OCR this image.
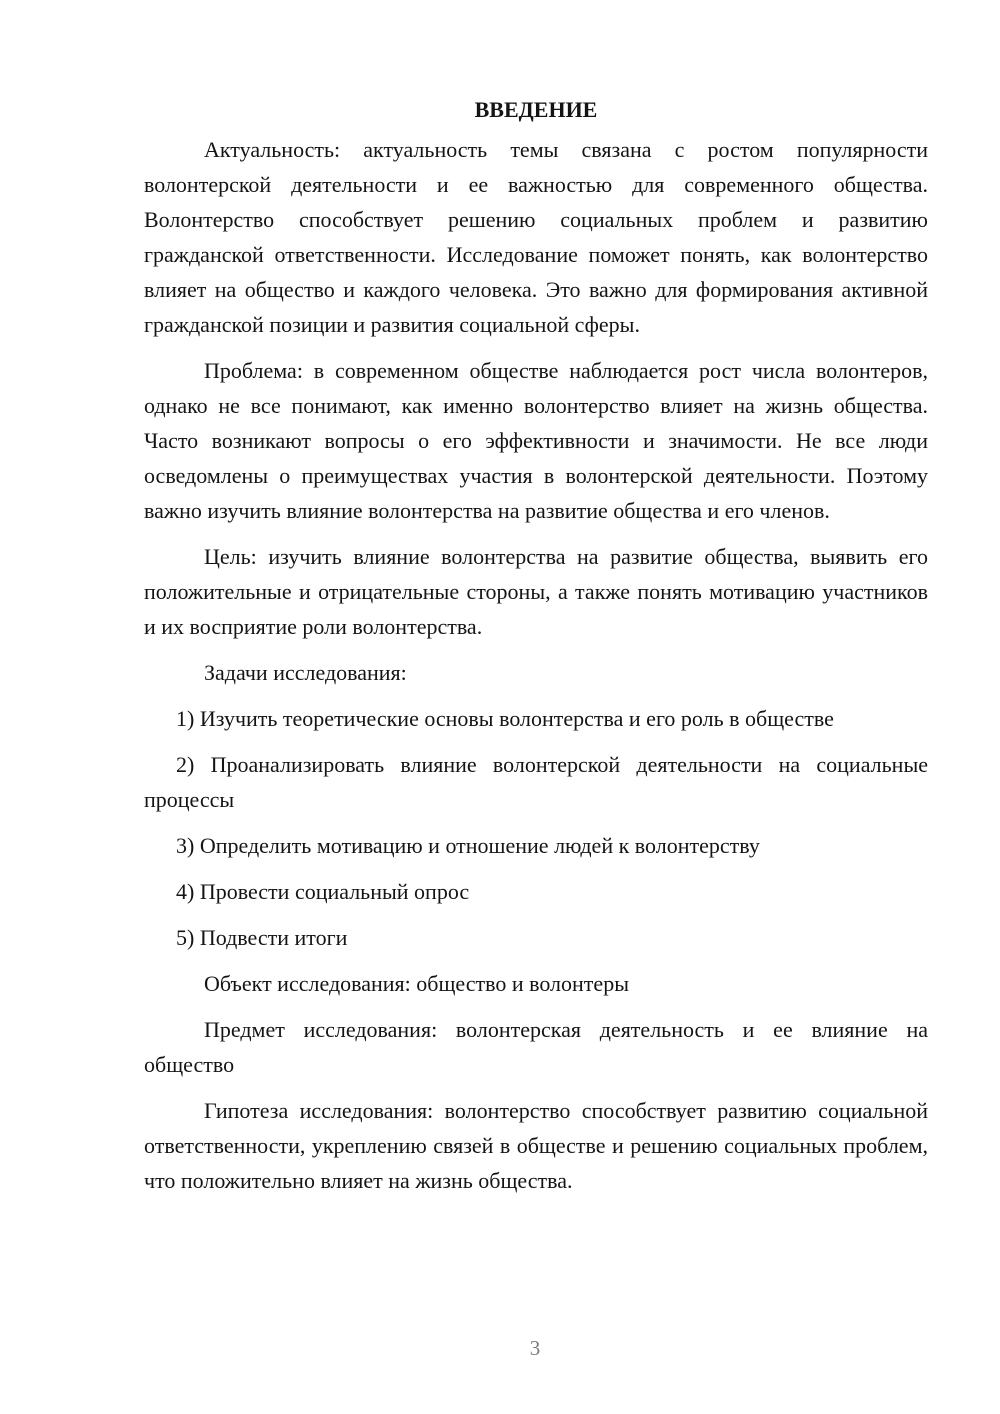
ВВЕДЕНИЕ

Актуальность: актуальность темы связана с ростом популярности волонтерской деятельности и ее важностью для современного общества. Волонтерство способствует решению социальных проблем и развитию гражданской ответственности. Исследование поможет понять, как волонтерство влияет на общество и каждого человека. Это важно для формирования активной гражданской позиции и развития социальной сферы.

Проблема: в современном обществе наблюдается рост числа волонтеров, однако не все понимают, как именно волонтерство влияет на жизнь общества. Часто возникают вопросы о его эффективности и значимости. Не все люди осведомлены о преимуществах участия в волонтерской деятельности. Поэтому важно изучить влияние волонтерства на развитие общества и его членов.

Цель: изучить влияние волонтерства на развитие общества, выявить его положительные и отрицательные стороны, а также понять мотивацию участников и их восприятие роли волонтерства.

Задачи исследования:

1) Изучить теоретические основы волонтерства и его роль в обществе

2) Проанализировать влияние волонтерской деятельности на социальные процессы

3) Определить мотивацию и отношение людей к волонтерству

4) Провести социальный опрос

5) Подвести итоги

Объект исследования: общество и волонтеры

Предмет исследования: волонтерская деятельность и ее влияние на общество

Гипотеза исследования: волонтерство способствует развитию социальной ответственности, укреплению связей в обществе и решению социальных проблем, что положительно влияет на жизнь общества.

3
